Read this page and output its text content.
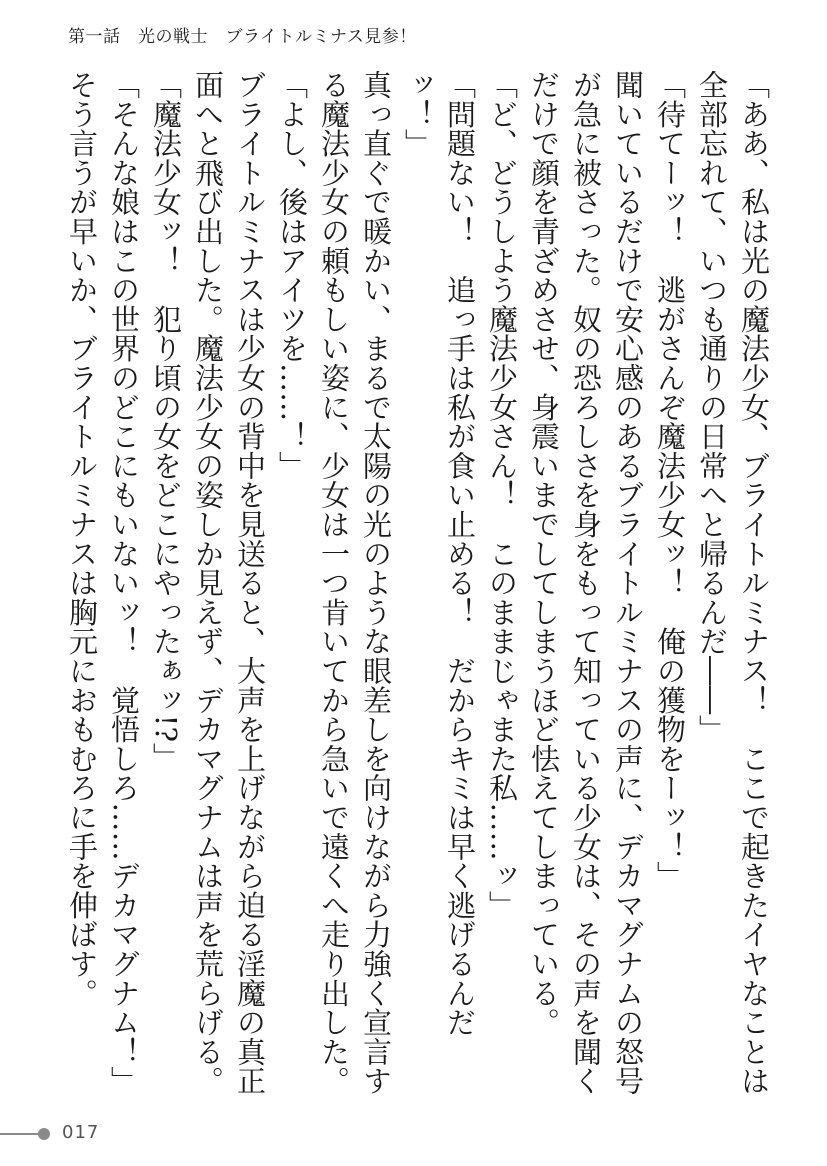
第一話　光の戦士　ブライトルミナス見参！

「ああ、私は光の魔法少女、ブライトルミナス！　ここで起きたイヤなことは全部忘れて、いつも通りの日常へと帰るんだ――」

「待てーッ！　逃がさんぞ魔法少女ッ！　俺の獲物をーッ！」

聞いているだけで安心感のあるブライトルミナスの声に、デカマグナムの怒号が急に被さった。奴の恐ろしさを身をもって知っている少女は、その声を聞くだけで顔を青ざめさせ、身震いまでしてしまうほど怯えてしまっている。

「ど、どうしよう魔法少女さん！　このままじゃまた私……ッ」

「問題ない！　追っ手は私が食い止める！　だからキミは早く逃げるんだッ！」

真っ直ぐで暖かい、まるで太陽の光のような眼差しを向けながら力強く宣言する魔法少女の頼もしい姿に、少女は一つ肯いてから急いで遠くへ走り出した。

「よし、後はアイツを……！」

ブライトルミナスは少女の背中を見送ると、大声を上げながら迫る淫魔の真正面へと飛び出した。魔法少女の姿しか見えず、デカマグナムは声を荒らげる。

「魔法少女ッ！　犯り頃の女をどこにやったぁッ!?」

「そんな娘はこの世界のどこにもいないッ！　覚悟しろ……デカマグナム！」

そう言うが早いか、ブライトルミナスは胸元におもむろに手を伸ばす。

017
